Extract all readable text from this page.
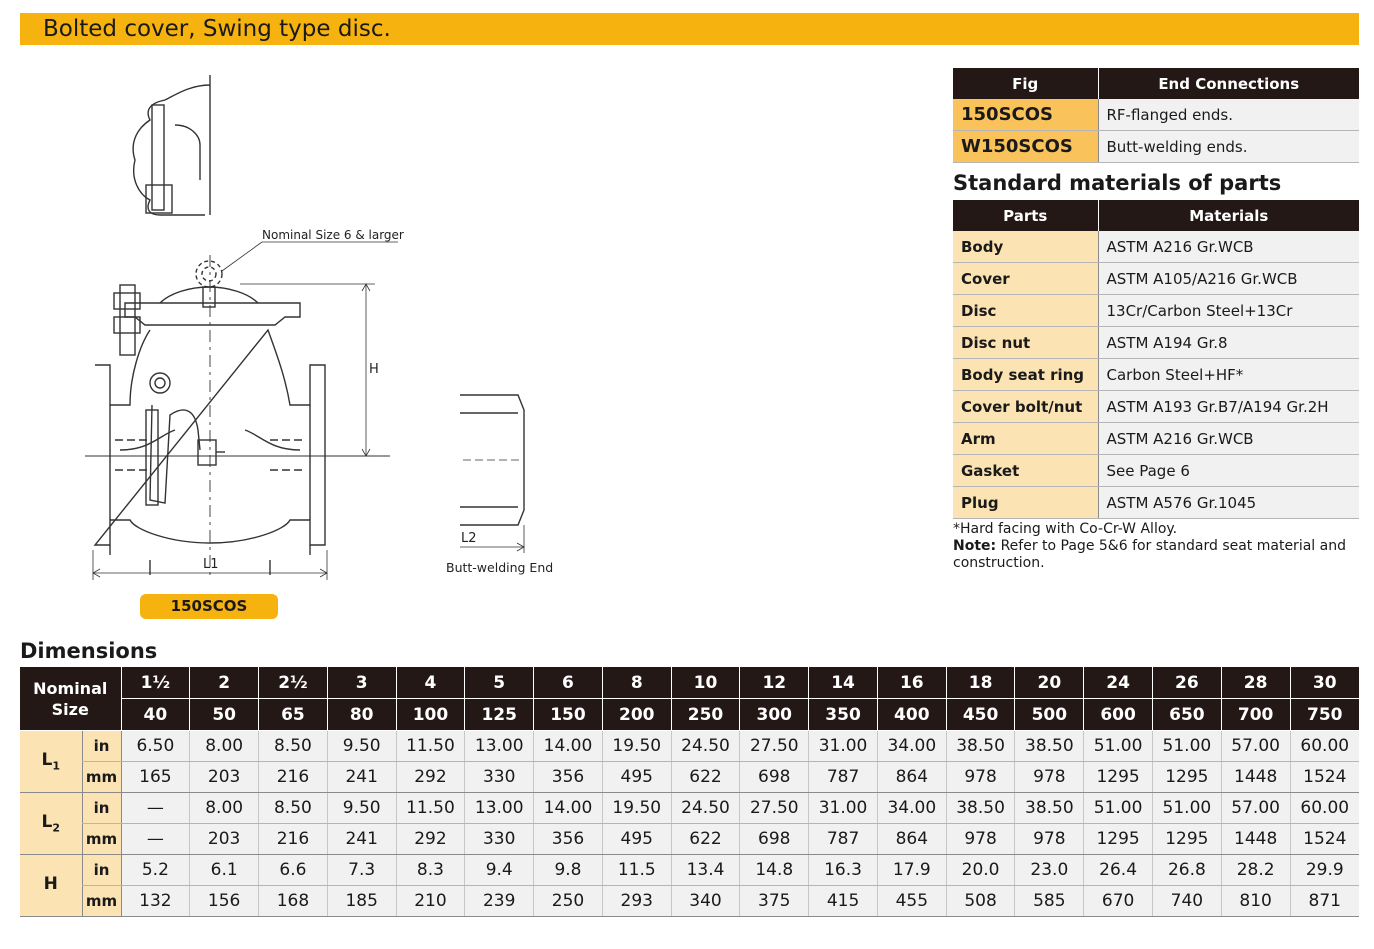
Bolted cover, Swing type disc.
Nominal Size 6 & larger
H
L1
L2
Butt-welding End
150SCOS
Fig	End Connections
150SCOS	RF-flanged ends.
W150SCOS	Butt-welding ends.
Standard materials of parts
Parts	Materials
Body	ASTM A216 Gr.WCB
Cover	ASTM A105/A216 Gr.WCB
Disc	13Cr/Carbon Steel+13Cr
Disc nut	ASTM A194 Gr.8
Body seat ring	Carbon Steel+HF*
Cover bolt/nut	ASTM A193 Gr.B7/A194 Gr.2H
Arm	ASTM A216 Gr.WCB
Gasket	See Page 6
Plug	ASTM A576 Gr.1045
*Hard facing with Co-Cr-W Alloy.
Note: Refer to Page 5&6 for standard seat material and construction.
Dimensions
Nominal
Size		1½	2	2½	3	4	5	6	8	10	12	14	16	18	20	24	26	28	30
		40	50	65	80	100	125	150	200	250	300	350	400	450	500	600	650	700	750
$L_1$	in	6.50	8.00	8.50	9.50	11.50	13.00	14.00	19.50	24.50	27.50	31.00	34.00	38.50	38.50	51.00	51.00	57.00	60.00
	mm	165	203	216	241	292	330	356	495	622	698	787	864	978	978	1295	1295	1448	1524
$L_2$	in	—	8.00	8.50	9.50	11.50	13.00	14.00	19.50	24.50	27.50	31.00	34.00	38.50	38.50	51.00	51.00	57.00	60.00
	mm	—	203	216	241	292	330	356	495	622	698	787	864	978	978	1295	1295	1448	1524
H	in	5.2	6.1	6.6	7.3	8.3	9.4	9.8	11.5	13.4	14.8	16.3	17.9	20.0	23.0	26.4	26.8	28.2	29.9
	mm	132	156	168	185	210	239	250	293	340	375	415	455	508	585	670	740	810	871
